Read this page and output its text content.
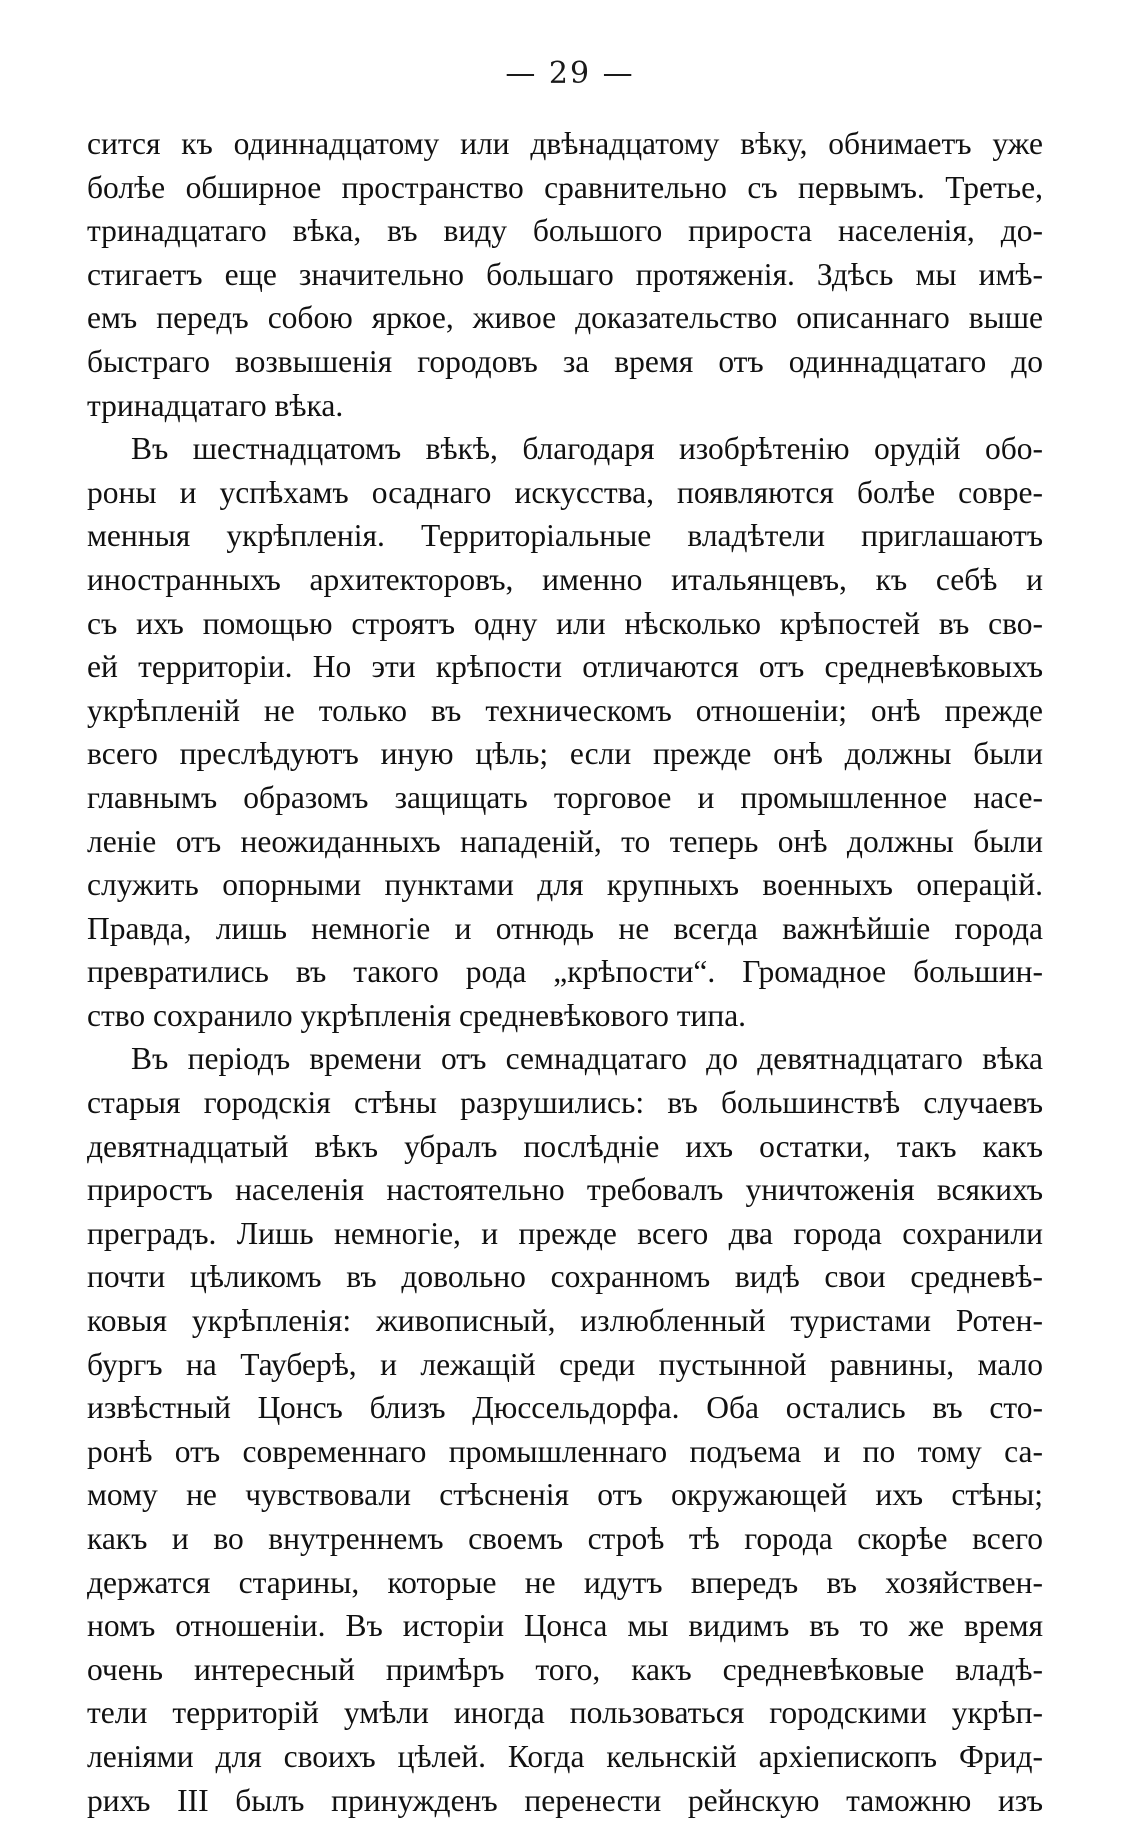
— 29 —
сится къ одиннадцатому или двѣнадцатому вѣку, обнимаетъ уже
болѣе обширное пространство сравнительно съ первымъ. Третье,
тринадцатаго вѣка, въ виду большого прироста населенія, до-
стигаетъ еще значительно большаго протяженія. Здѣсь мы имѣ-
емъ передъ собою яркое, живое доказательство описаннаго выше
быстраго возвышенія городовъ за время отъ одиннадцатаго до
тринадцатаго вѣка.
Въ шестнадцатомъ вѣкѣ, благодаря изобрѣтенію орудій обо-
роны и успѣхамъ осаднаго искусства, появляются болѣе совре-
менныя укрѣпленія. Территоріальные владѣтели приглашаютъ
иностранныхъ архитекторовъ, именно итальянцевъ, къ себѣ и
съ ихъ помощью строятъ одну или нѣсколько крѣпостей въ сво-
ей территоріи. Но эти крѣпости отличаются отъ средневѣковыхъ
укрѣпленій не только въ техническомъ отношеніи; онѣ прежде
всего преслѣдуютъ иную цѣль; если прежде онѣ должны были
главнымъ образомъ защищать торговое и промышленное насе-
леніе отъ неожиданныхъ нападеній, то теперь онѣ должны были
служить опорными пунктами для крупныхъ военныхъ операцій.
Правда, лишь немногіе и отнюдь не всегда важнѣйшіе города
превратились въ такого рода „крѣпости“. Громадное большин-
ство сохранило укрѣпленія средневѣкового типа.
Въ періодъ времени отъ семнадцатаго до девятнадцатаго вѣка
старыя городскія стѣны разрушились: въ большинствѣ случаевъ
девятнадцатый вѣкъ убралъ послѣдніе ихъ остатки, такъ какъ
приростъ населенія настоятельно требовалъ уничтоженія всякихъ
преградъ. Лишь немногіе, и прежде всего два города сохранили
почти цѣликомъ въ довольно сохранномъ видѣ свои средневѣ-
ковыя укрѣпленія: живописный, излюбленный туристами Ротен-
бургъ на Тауберѣ, и лежащій среди пустынной равнины, мало
извѣстный Цонсъ близъ Дюссельдорфа. Оба остались въ сто-
ронѣ отъ современнаго промышленнаго подъема и по тому са-
мому не чувствовали стѣсненія отъ окружающей ихъ стѣны;
какъ и во внутреннемъ своемъ строѣ тѣ города скорѣе всего
держатся старины, которые не идутъ впередъ въ хозяйствен-
номъ отношеніи. Въ исторіи Цонса мы видимъ въ то же время
очень интересный примѣръ того, какъ средневѣковые владѣ-
тели территорій умѣли иногда пользоваться городскими укрѣп-
леніями для своихъ цѣлей. Когда кельнскій архіепископъ Фрид-
рихъ III былъ принужденъ перенести рейнскую таможню изъ
